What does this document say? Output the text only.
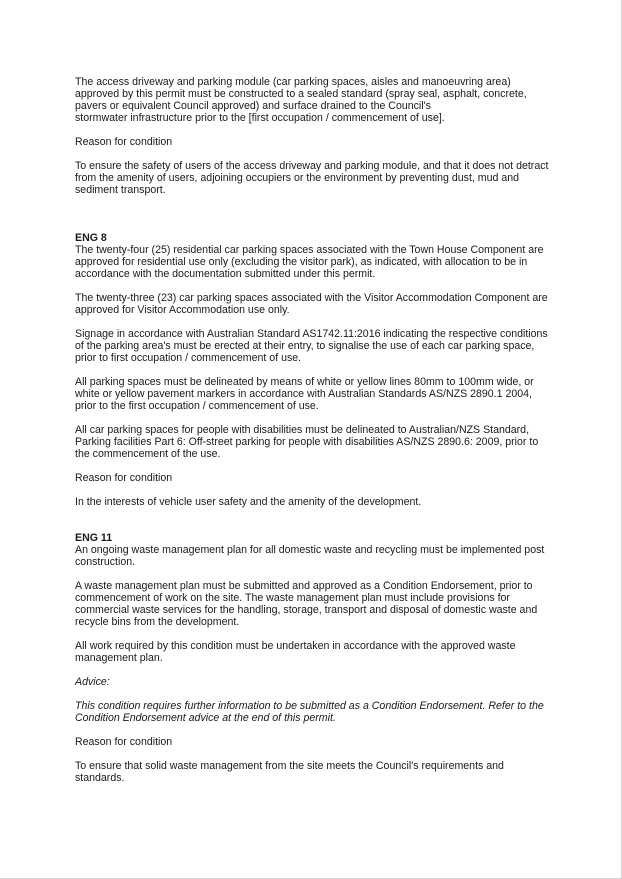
The access driveway and parking module (car parking spaces, aisles and manoeuvring area)
approved by this permit must be constructed to a sealed standard (spray seal, asphalt, concrete,
pavers or equivalent Council approved) and surface drained to the Council's
stormwater infrastructure prior to the [first occupation / commencement of use].

Reason for condition

To ensure the safety of users of the access driveway and parking module, and that it does not detract
from the amenity of users, adjoining occupiers or the environment by preventing dust, mud and
sediment transport.

ENG 8

The twenty-four (25) residential car parking spaces associated with the Town House Component are
approved for residential use only (excluding the visitor park), as indicated, with allocation to be in
accordance with the documentation submitted under this permit.

The twenty-three (23) car parking spaces associated with the Visitor Accommodation Component are
approved for Visitor Accommodation use only.

Signage in accordance with Australian Standard AS1742.11:2016 indicating the respective conditions
of the parking area's must be erected at their entry, to signalise the use of each car parking space,
prior to first occupation / commencement of use.

All parking spaces must be delineated by means of white or yellow lines 80mm to 100mm wide, or
white or yellow pavement markers in accordance with Australian Standards AS/NZS 2890.1 2004,
prior to the first occupation / commencement of use.

All car parking spaces for people with disabilities must be delineated to Australian/NZS Standard,
Parking facilities Part 6: Off-street parking for people with disabilities AS/NZS 2890.6: 2009, prior to
the commencement of the use.

Reason for condition

In the interests of vehicle user safety and the amenity of the development.

ENG 11

An ongoing waste management plan for all domestic waste and recycling must be implemented post
construction.

A waste management plan must be submitted and approved as a Condition Endorsement, prior to
commencement of work on the site. The waste management plan must include provisions for
commercial waste services for the handling, storage, transport and disposal of domestic waste and
recycle bins from the development.

All work required by this condition must be undertaken in accordance with the approved waste
management plan.

Advice:

This condition requires further information to be submitted as a Condition Endorsement. Refer to the
Condition Endorsement advice at the end of this permit.

Reason for condition

To ensure that solid waste management from the site meets the Council's requirements and
standards.
